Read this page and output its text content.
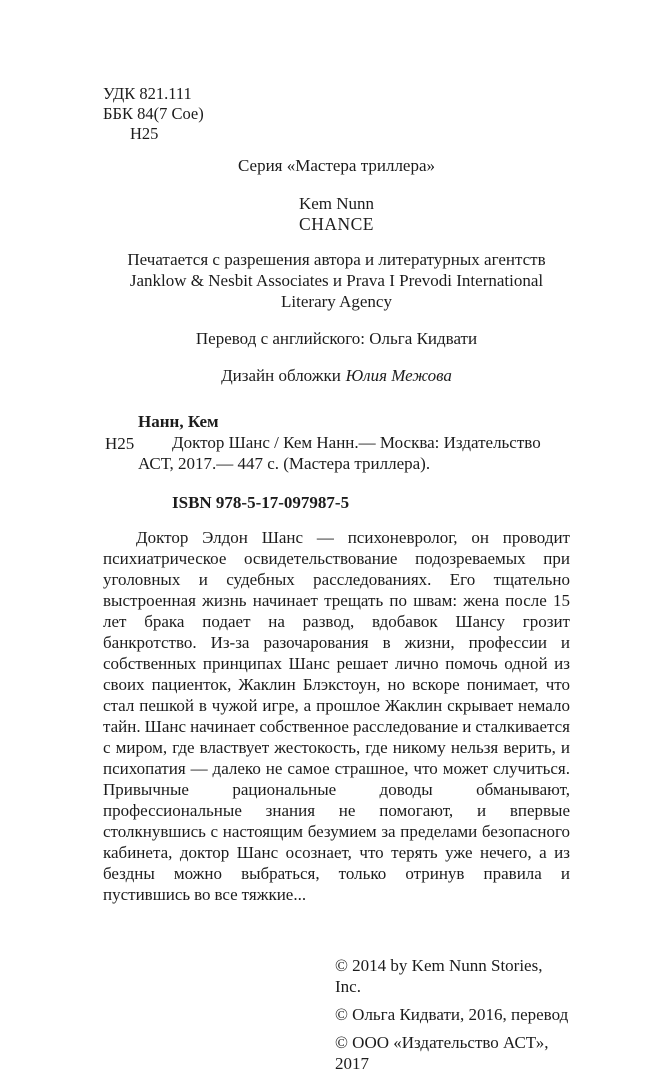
УДК 821.111
ББК 84(7 Сое)
Н25

Серия «Мастера триллера»

Kem Nunn
CHANCE
Печатается с разрешения автора и литературных агентств
Janklow & Nesbit Associates и Prava I Prevodi International
Literary Agency

Перевод с английского: Ольга Кидвати

Дизайн обложки Юлия Межова

Нанн, Кем

Н25	Доктор Шанс / Кем Нанн.— Москва: Издательство АСТ, 2017.— 447 с. (Мастера триллера).

ISBN 978-5-17-097987-5

Доктор Элдон Шанс — психоневролог, он проводит психиатрическое освидетельствование подозреваемых при уголовных и судебных расследованиях. Его тщательно выстроенная жизнь начинает трещать по швам: жена после 15 лет брака подает на развод, вдобавок Шансу грозит банкротство. Из-за разочарования в жизни, профессии и собственных принципах Шанс решает лично помочь одной из своих пациенток, Жаклин Блэкстоун, но вскоре понимает, что стал пешкой в чужой игре, а прошлое Жаклин скрывает немало тайн. Шанс начинает собственное расследование и сталкивается с миром, где властвует жестокость, где никому нельзя верить, и психопатия — далеко не самое страшное, что может случиться. Привычные рациональные доводы обманывают, профессиональные знания не помогают, и впервые столкнувшись с настоящим безумием за пределами безопасного кабинета, доктор Шанс осознает, что терять уже нечего, а из бездны можно выбраться, только отринув правила и пустившись во все тяжкие...

© 2014 by Kem Nunn Stories, Inc.

© Ольга Кидвати, 2016, перевод

© ООО «Издательство АСТ», 2017
